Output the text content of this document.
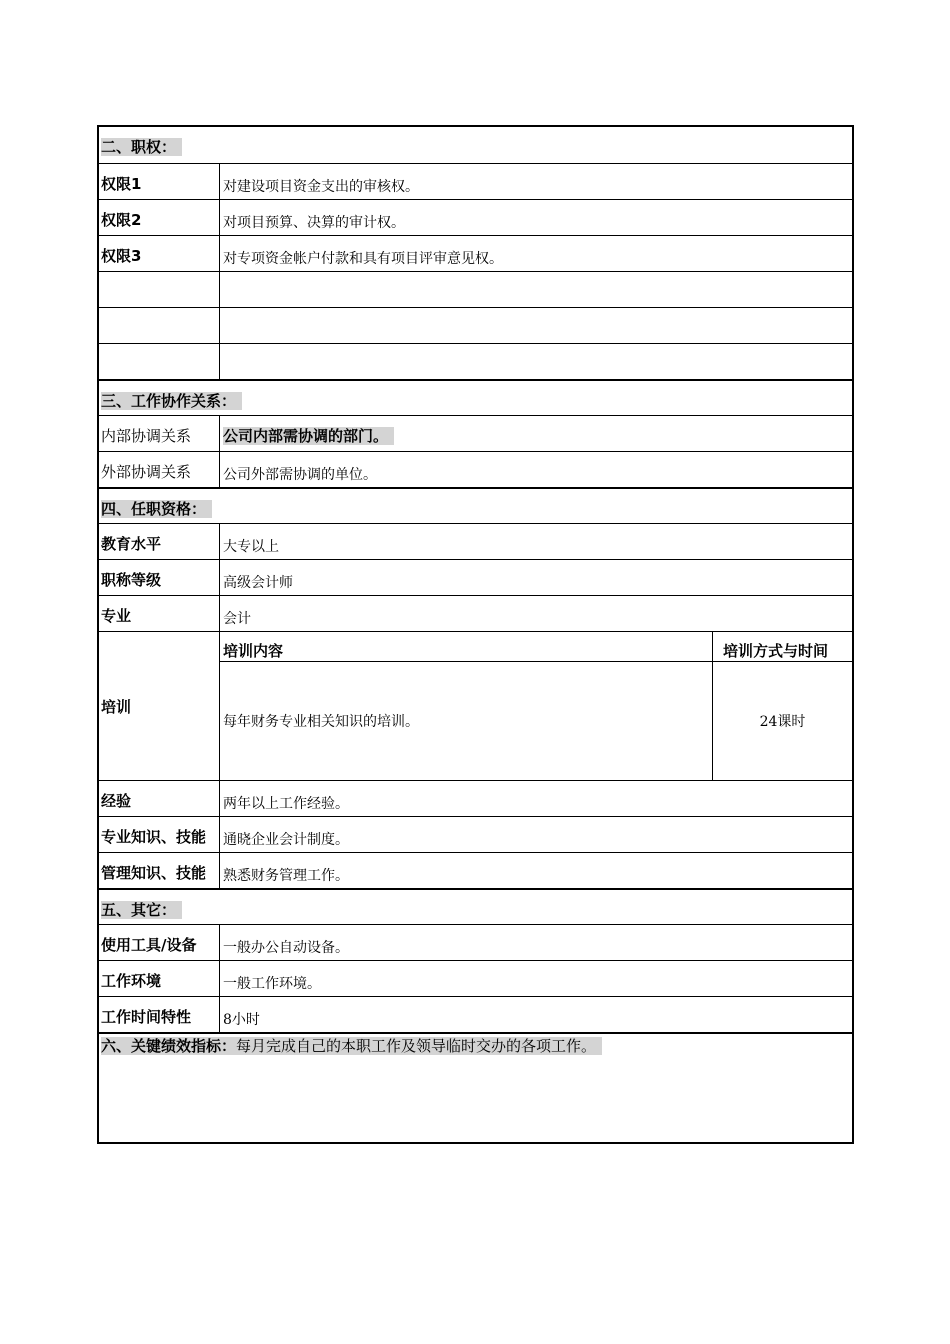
二、职权：
权限1	对建设项目资金支出的审核权。
权限2	对项目预算、决算的审计权。
权限3	对专项资金帐户付款和具有项目评审意见权。
三、工作协作关系：
内部协调关系	公司内部需协调的部门。
外部协调关系	公司外部需协调的单位。
四、任职资格：
教育水平	大专以上
职称等级	高级会计师
专业	会计
培训
培训内容	培训方式与时间
每年财务专业相关知识的培训。	24课时
经验	两年以上工作经验。
专业知识、技能	通晓企业会计制度。
管理知识、技能	熟悉财务管理工作。
五、其它：
使用工具/设备	一般办公自动设备。
工作环境	一般工作环境。
工作时间特性	8小时
六、关键绩效指标：每月完成自己的本职工作及领导临时交办的各项工作。
